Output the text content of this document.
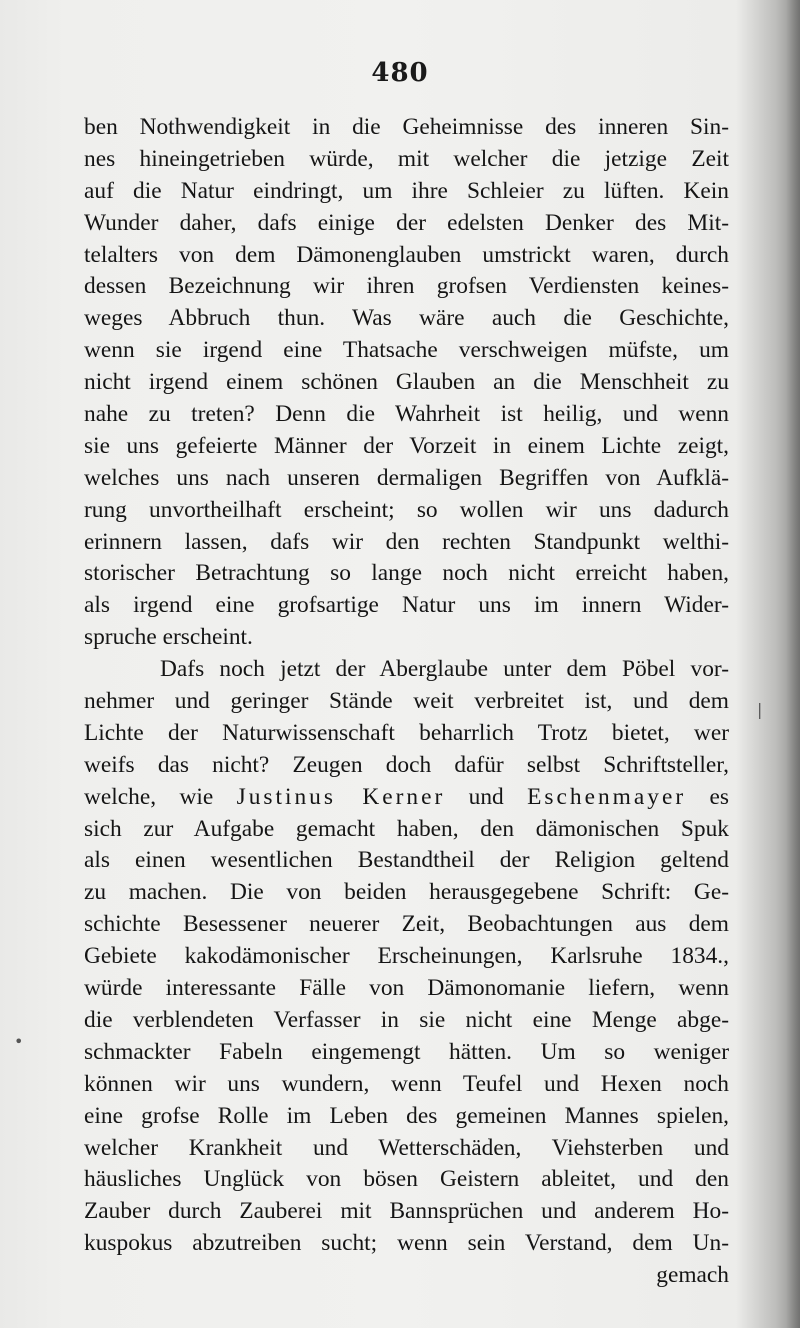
480
ben Nothwendigkeit in die Geheimnisse des inneren Sin-
nes hineingetrieben würde, mit welcher die jetzige Zeit
auf die Natur eindringt, um ihre Schleier zu lüften. Kein
Wunder daher, dafs einige der edelsten Denker des Mit-
telalters von dem Dämonenglauben umstrickt waren, durch
dessen Bezeichnung wir ihren grofsen Verdiensten keines-
weges Abbruch thun. Was wäre auch die Geschichte,
wenn sie irgend eine Thatsache verschweigen müfste, um
nicht irgend einem schönen Glauben an die Menschheit zu
nahe zu treten? Denn die Wahrheit ist heilig, und wenn
sie uns gefeierte Männer der Vorzeit in einem Lichte zeigt,
welches uns nach unseren dermaligen Begriffen von Aufklä-
rung unvortheilhaft erscheint; so wollen wir uns dadurch
erinnern lassen, dafs wir den rechten Standpunkt welthi-
storischer Betrachtung so lange noch nicht erreicht haben,
als irgend eine grofsartige Natur uns im innern Wider-
spruche erscheint.
Dafs noch jetzt der Aberglaube unter dem Pöbel vor-
nehmer und geringer Stände weit verbreitet ist, und dem
Lichte der Naturwissenschaft beharrlich Trotz bietet, wer
weifs das nicht? Zeugen doch dafür selbst Schriftsteller,
welche, wie Justinus Kerner und Eschenmayer es
sich zur Aufgabe gemacht haben, den dämonischen Spuk
als einen wesentlichen Bestandtheil der Religion geltend
zu machen. Die von beiden herausgegebene Schrift: Ge-
schichte Besessener neuerer Zeit, Beobachtungen aus dem
Gebiete kakodämonischer Erscheinungen, Karlsruhe 1834.,
würde interessante Fälle von Dämonomanie liefern, wenn
die verblendeten Verfasser in sie nicht eine Menge abge-
schmackter Fabeln eingemengt hätten. Um so weniger
können wir uns wundern, wenn Teufel und Hexen noch
eine grofse Rolle im Leben des gemeinen Mannes spielen,
welcher Krankheit und Wetterschäden, Viehsterben und
häusliches Unglück von bösen Geistern ableitet, und den
Zauber durch Zauberei mit Bannsprüchen und anderem Ho-
kuspokus abzutreiben sucht; wenn sein Verstand, dem Un-
gemach
|
•
